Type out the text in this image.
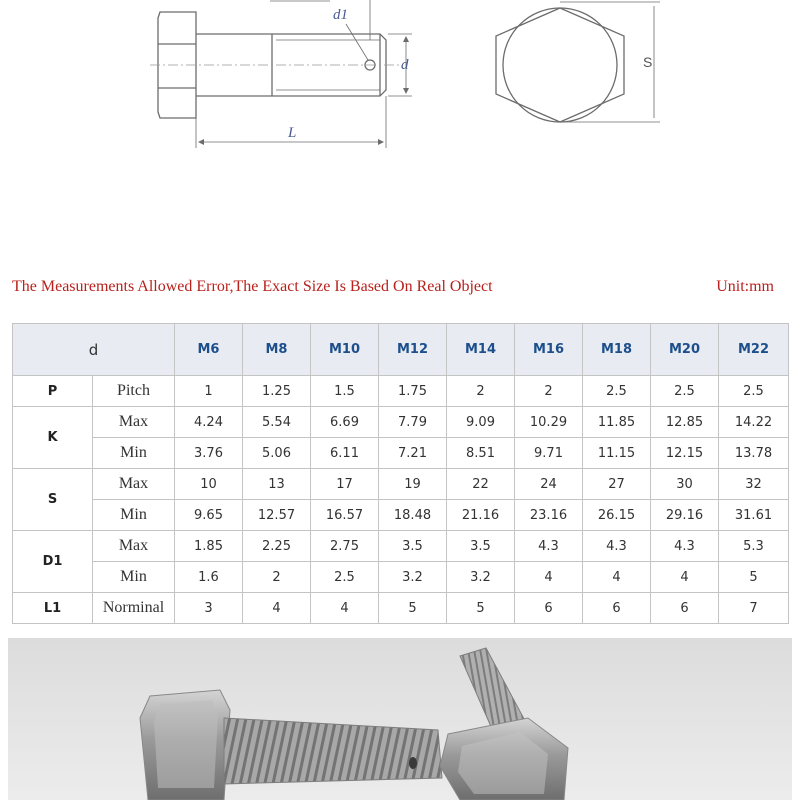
d1
d
L
S
The Measurements Allowed Error,The Exact Size Is Based On Real Object	Unit:mm
d		M6	M8	M10	M12	M14	M16	M18	M20	M22
P	Pitch	1	1.25	1.5	1.75	2	2	2.5	2.5	2.5
K	Max	4.24	5.54	6.69	7.79	9.09	10.29	11.85	12.85	14.22
	Min	3.76	5.06	6.11	7.21	8.51	9.71	11.15	12.15	13.78
S	Max	10	13	17	19	22	24	27	30	32
	Min	9.65	12.57	16.57	18.48	21.16	23.16	26.15	29.16	31.61
D1	Max	1.85	2.25	2.75	3.5	3.5	4.3	4.3	4.3	5.3
	Min	1.6	2	2.5	3.2	3.2	4	4	4	5
L1	Norminal	3	4	4	5	5	6	6	6	7
